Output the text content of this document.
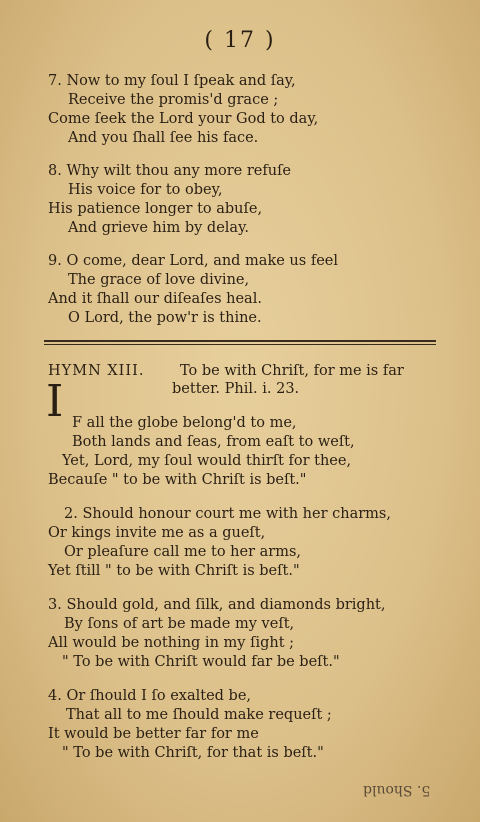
( 17 )
7. Now to my ſoul I ſpeak and ſay,
Receive the promis'd grace ;
Come ſeek the Lord your God to day,
And you ſhall ſee his face.
8. Why wilt thou any more refuſe
His voice for to obey,
His patience longer to abuſe,
And grieve him by delay.
9. O come, dear Lord, and make us feel
The grace of love divine,
And it ſhall our diſeaſes heal.
O Lord, the pow'r is thine.
HYMN XIII. To be with Chriſt, for me is far
better. Phil. i. 23.
I F all the globe belong'd to me,
Both lands and ſeas, from eaſt to weſt,
Yet, Lord, my ſoul would thirſt for thee,
Becauſe " to be with Chriſt is beſt."
2. Should honour court me with her charms,
Or kings invite me as a gueſt,
Or pleaſure call me to her arms,
Yet ſtill " to be with Chriſt is beſt."
3. Should gold, and ſilk, and diamonds bright,
By ſons of art be made my veſt,
All would be nothing in my ſight ;
" To be with Chriſt would far be beſt."
4. Or ſhould I ſo exalted be,
That all to me ſhould make requeſt ;
It would be better far for me
" To be with Chriſt, for that is beſt."
5. Should
